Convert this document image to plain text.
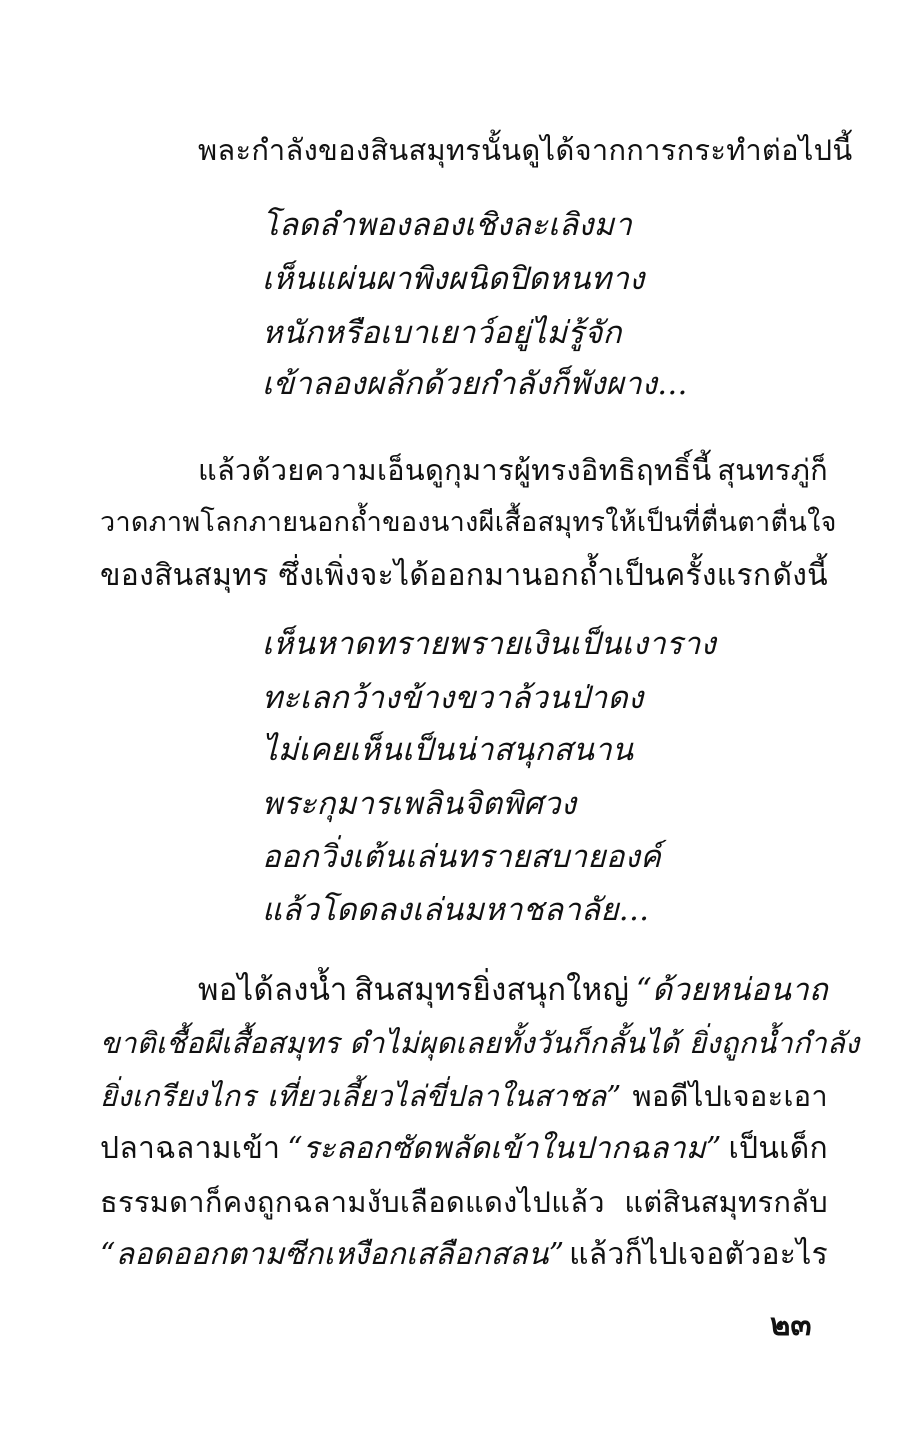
พละกำลังของสินสมุทรนั้นดูได้จากการกระทำต่อไปนี้
โลดลำพองลองเชิงละเลิงมา
เห็นแผ่นผาพิงผนิดปิดหนทาง
หนักหรือเบาเยาว์อยู่ไม่รู้จัก
เข้าลองผลักด้วยกำลังก็พังผาง...
แล้วด้วยความเอ็นดูกุมารผู้ทรงอิทธิฤทธิ์นี้ สุนทรภู่ก็
วาดภาพโลกภายนอกถ้ำของนางผีเสื้อสมุทรให้เป็นที่ตื่นตาตื่นใจ
ของสินสมุทร ซึ่งเพิ่งจะได้ออกมานอกถ้ำเป็นครั้งแรก ดังนี้
เห็นหาดทรายพรายเงินเป็นเงาราง
ทะเลกว้างข้างขวาล้วนป่าดง
ไม่เคยเห็นเป็นน่าสนุกสนาน
พระกุมารเพลินจิตพิศวง
ออกวิ่งเต้นเล่นทรายสบายองค์
แล้วโดดลงเล่นมหาชลาลัย...
พอได้ลงน้ำ สินสมุทรยิ่งสนุกใหญ่ “ด้วยหน่อนาถ
ขาติเชื้อผีเสื้อสมุทร ดำไม่ผุดเลยทั้งวันก็กลั้นได้ ยิ่งถูกน้ำกำลัง
ยิ่งเกรียงไกร เที่ยวเลี้ยวไล่ขี่ปลาในสาชล” พอดีไปเจอะเอา
ปลาฉลามเข้า “ระลอกซัดพลัดเข้าในปากฉลาม” เป็นเด็ก
ธรรมดาก็คงถูกฉลามงับเลือดแดงไปแล้ว แต่สินสมุทรกลับ
“ลอดออกตามซีกเหงือกเสลือกสลน” แล้วก็ไปเจอตัวอะไร
๒๓
